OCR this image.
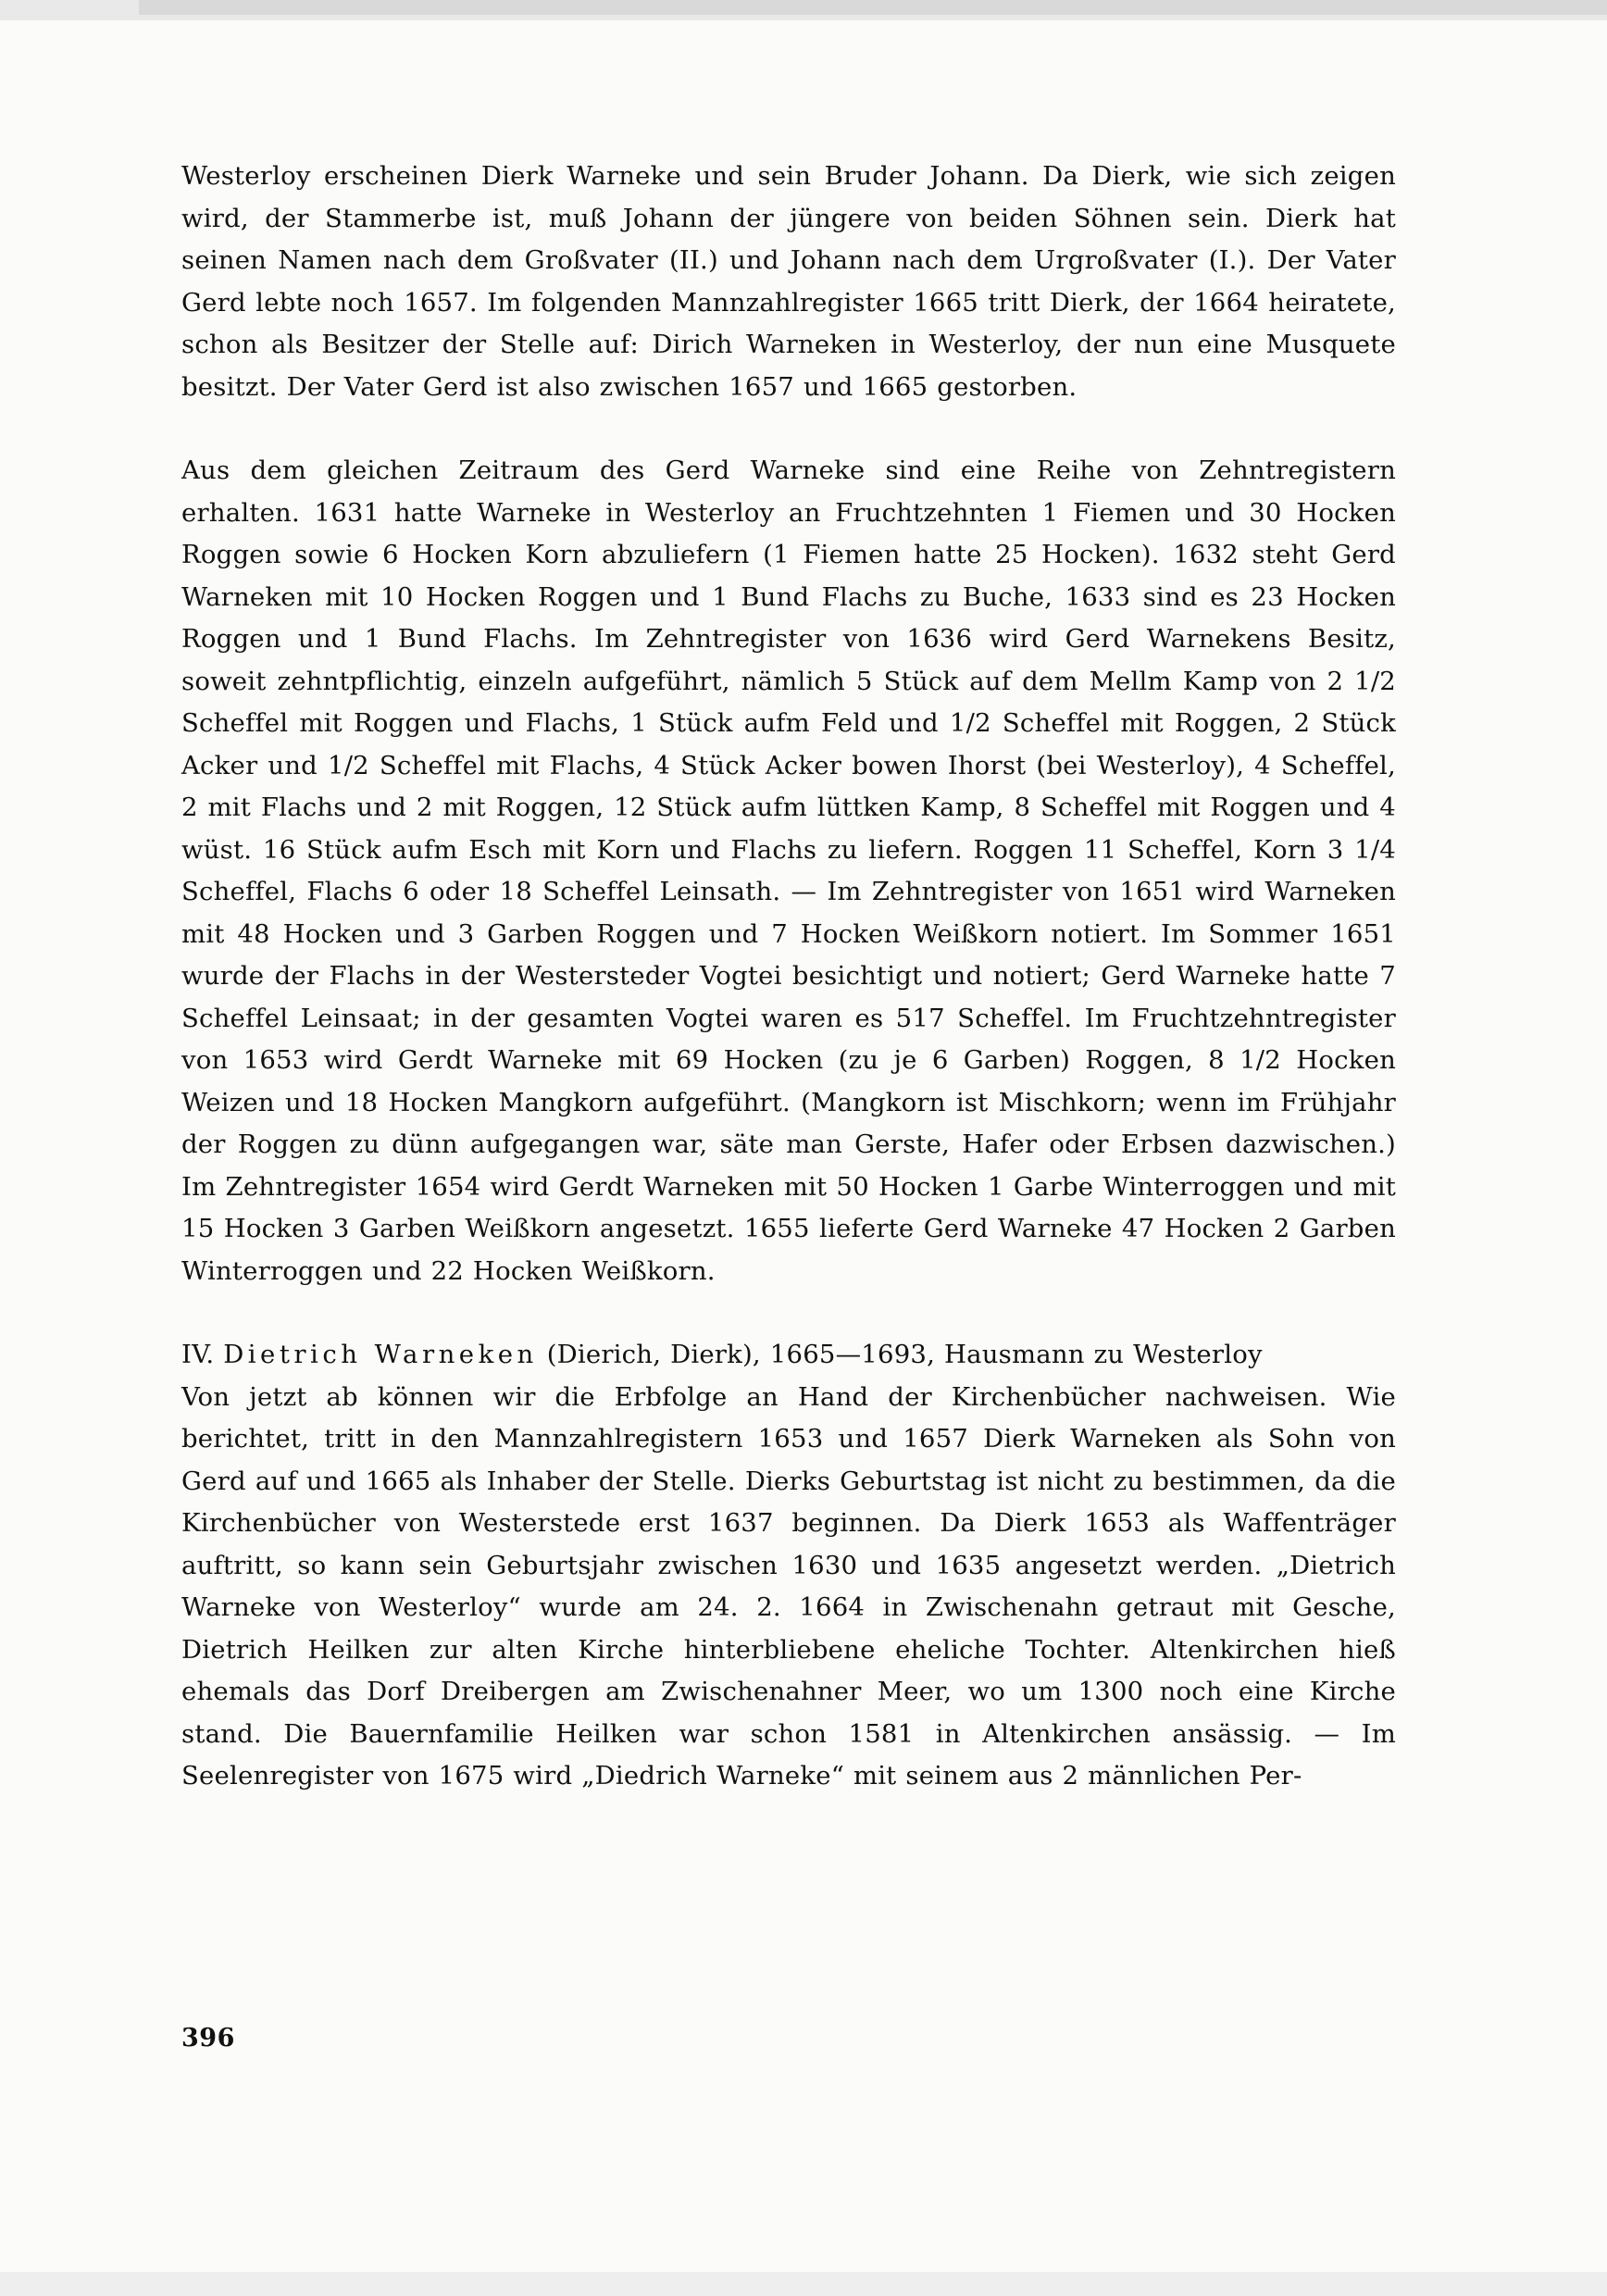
Westerloy erscheinen Dierk Warneke und sein Bruder Johann. Da Dierk, wie sich zeigen wird, der Stammerbe ist, muß Johann der jüngere von beiden Söhnen sein. Dierk hat seinen Namen nach dem Großvater (II.) und Johann nach dem Urgroßvater (I.). Der Vater Gerd lebte noch 1657. Im folgenden Mannzahlregister 1665 tritt Dierk, der 1664 heiratete, schon als Besitzer der Stelle auf: Dirich Warneken in Westerloy, der nun eine Musquete besitzt. Der Vater Gerd ist also zwischen 1657 und 1665 gestorben.

Aus dem gleichen Zeitraum des Gerd Warneke sind eine Reihe von Zehntregistern erhalten. 1631 hatte Warneke in Westerloy an Fruchtzehnten 1 Fiemen und 30 Hocken Roggen sowie 6 Hocken Korn abzuliefern (1 Fiemen hatte 25 Hocken). 1632 steht Gerd Warneken mit 10 Hocken Roggen und 1 Bund Flachs zu Buche, 1633 sind es 23 Hocken Roggen und 1 Bund Flachs. Im Zehntregister von 1636 wird Gerd Warnekens Besitz, soweit zehntpflichtig, einzeln aufgeführt, nämlich 5 Stück auf dem Mellm Kamp von 2 1/2 Scheffel mit Roggen und Flachs, 1 Stück aufm Feld und 1/2 Scheffel mit Roggen, 2 Stück Acker und 1/2 Scheffel mit Flachs, 4 Stück Acker bowen Ihorst (bei Westerloy), 4 Scheffel, 2 mit Flachs und 2 mit Roggen, 12 Stück aufm lüttken Kamp, 8 Scheffel mit Roggen und 4 wüst. 16 Stück aufm Esch mit Korn und Flachs zu liefern. Roggen 11 Scheffel, Korn 3 1/4 Scheffel, Flachs 6 oder 18 Scheffel Leinsath. — Im Zehntregister von 1651 wird Warneken mit 48 Hocken und 3 Garben Roggen und 7 Hocken Weißkorn notiert. Im Sommer 1651 wurde der Flachs in der Westersteder Vogtei besichtigt und notiert; Gerd Warneke hatte 7 Scheffel Leinsaat; in der gesamten Vogtei waren es 517 Scheffel. Im Fruchtzehntregister von 1653 wird Gerdt Warneke mit 69 Hocken (zu je 6 Garben) Roggen, 8 1/2 Hocken Weizen und 18 Hocken Mangkorn aufgeführt. (Mangkorn ist Mischkorn; wenn im Frühjahr der Roggen zu dünn aufgegangen war, säte man Gerste, Hafer oder Erbsen dazwischen.) Im Zehntregister 1654 wird Gerdt Warneken mit 50 Hocken 1 Garbe Winterroggen und mit 15 Hocken 3 Garben Weißkorn angesetzt. 1655 lieferte Gerd Warneke 47 Hocken 2 Garben Winterroggen und 22 Hocken Weißkorn.

IV. Dietrich Warneken (Dierich, Dierk), 1665—1693, Hausmann zu Westerloy

Von jetzt ab können wir die Erbfolge an Hand der Kirchenbücher nachweisen. Wie berichtet, tritt in den Mannzahlregistern 1653 und 1657 Dierk Warneken als Sohn von Gerd auf und 1665 als Inhaber der Stelle. Dierks Geburtstag ist nicht zu bestimmen, da die Kirchenbücher von Westerstede erst 1637 beginnen. Da Dierk 1653 als Waffenträger auftritt, so kann sein Geburtsjahr zwischen 1630 und 1635 angesetzt werden. „Dietrich Warneke von Westerloy“ wurde am 24. 2. 1664 in Zwischenahn getraut mit Gesche, Dietrich Heilken zur alten Kirche hinterbliebene eheliche Tochter. Altenkirchen hieß ehemals das Dorf Dreibergen am Zwischenahner Meer, wo um 1300 noch eine Kirche stand. Die Bauernfamilie Heilken war schon 1581 in Altenkirchen ansässig. — Im Seelenregister von 1675 wird „Diedrich Warneke“ mit seinem aus 2 männlichen Per-

396
